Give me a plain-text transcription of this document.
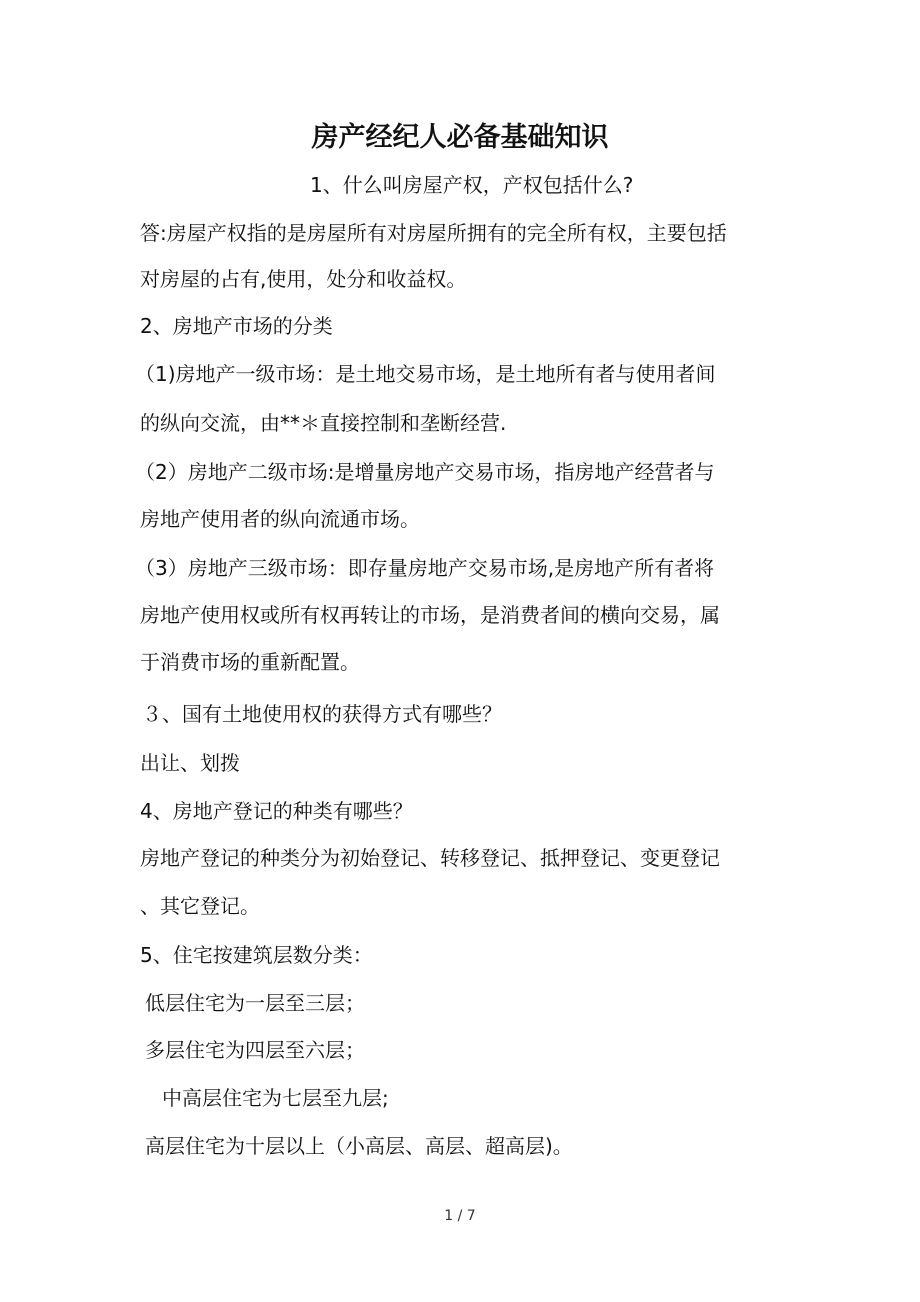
房产经纪人必备基础知识
1、什么叫房屋产权，产权包括什么?
答:房屋产权指的是房屋所有对房屋所拥有的完全所有权，主要包括
对房屋的占有,使用，处分和收益权。
2、房地产市场的分类
（1)房地产一级市场：是土地交易市场，是土地所有者与使用者间
的纵向交流，由**＊直接控制和垄断经营.
（2）房地产二级市场:是增量房地产交易市场，指房地产经营者与
房地产使用者的纵向流通市场。
（3）房地产三级市场：即存量房地产交易市场,是房地产所有者将
房地产使用权或所有权再转让的市场，是消费者间的横向交易，属
于消费市场的重新配置。
３、国有土地使用权的获得方式有哪些？
出让、划拨
4、房地产登记的种类有哪些？
房地产登记的种类分为初始登记、转移登记、抵押登记、变更登记
、其它登记。
5、住宅按建筑层数分类：
低层住宅为一层至三层；
多层住宅为四层至六层；
中高层住宅为七层至九层;
高层住宅为十层以上（小高层、高层、超高层)。
1 / 7
